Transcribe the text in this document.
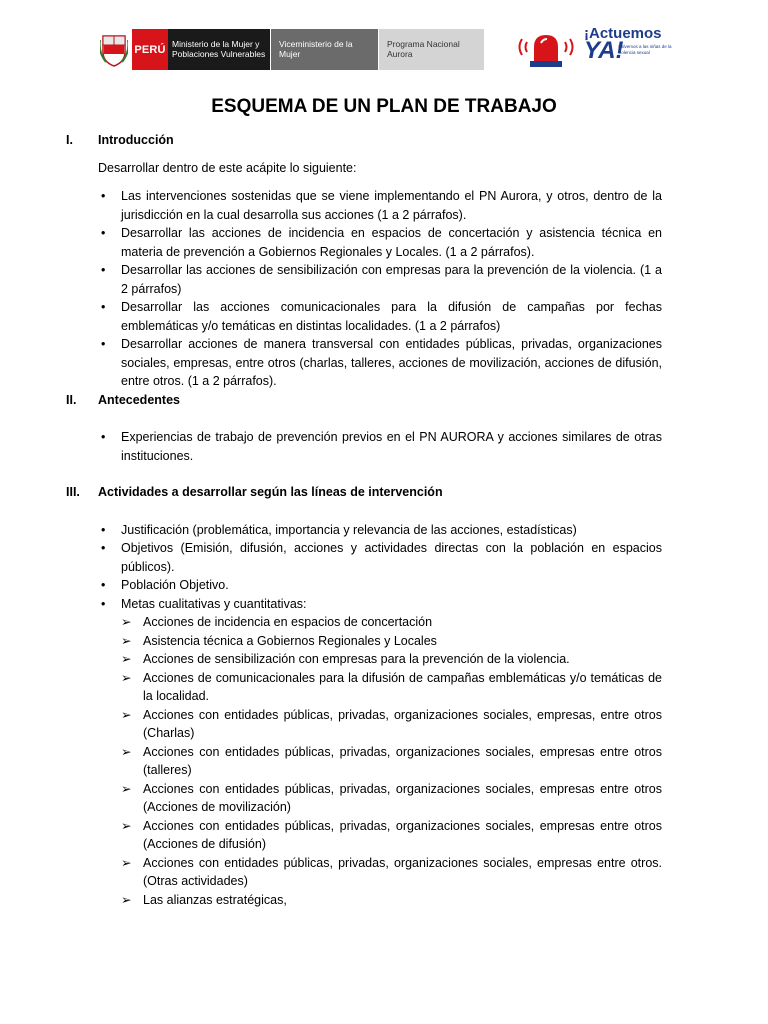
PERÚ Ministerio de la Mujer y Poblaciones Vulnerables
Viceministerio de la Mujer
Programa Nacional Aurora
¡Actuemos
YA!
Salvemos a las niñas de la violencia sexual
ESQUEMA DE UN PLAN DE TRABAJO
I. Introducción
Desarrollar dentro de este acápite lo siguiente:
• Las intervenciones sostenidas que se viene implementando el PN Aurora, y otros, dentro de la jurisdicción en la cual desarrolla sus acciones (1 a 2 párrafos).
• Desarrollar las acciones de incidencia en espacios de concertación y asistencia técnica en materia de prevención a Gobiernos Regionales y Locales. (1 a 2 párrafos).
• Desarrollar las acciones de sensibilización con empresas para la prevención de la violencia. (1 a 2 párrafos)
• Desarrollar las acciones comunicacionales para la difusión de campañas por fechas emblemáticas y/o temáticas en distintas localidades. (1 a 2 párrafos)
• Desarrollar acciones de manera transversal con entidades públicas, privadas, organizaciones sociales, empresas, entre otros (charlas, talleres, acciones de movilización, acciones de difusión, entre otros. (1 a 2 párrafos).
II. Antecedentes
• Experiencias de trabajo de prevención previos en el PN AURORA y acciones similares de otras instituciones.
III. Actividades a desarrollar según las líneas de intervención
• Justificación (problemática, importancia y relevancia de las acciones, estadísticas)
• Objetivos (Emisión, difusión, acciones y actividades directas con la población en espacios públicos).
• Población Objetivo.
• Metas cualitativas y cuantitativas:
➢ Acciones de incidencia en espacios de concertación
➢ Asistencia técnica a Gobiernos Regionales y Locales
➢ Acciones de sensibilización con empresas para la prevención de la violencia.
➢ Acciones de comunicacionales para la difusión de campañas emblemáticas y/o temáticas de la localidad.
➢ Acciones con entidades públicas, privadas, organizaciones sociales, empresas, entre otros (Charlas)
➢ Acciones con entidades públicas, privadas, organizaciones sociales, empresas entre otros (talleres)
➢ Acciones con entidades públicas, privadas, organizaciones sociales, empresas entre otros (Acciones de movilización)
➢ Acciones con entidades públicas, privadas, organizaciones sociales, empresas entre otros (Acciones de difusión)
➢ Acciones con entidades públicas, privadas, organizaciones sociales, empresas entre otros. (Otras actividades)
➢ Las alianzas estratégicas,
